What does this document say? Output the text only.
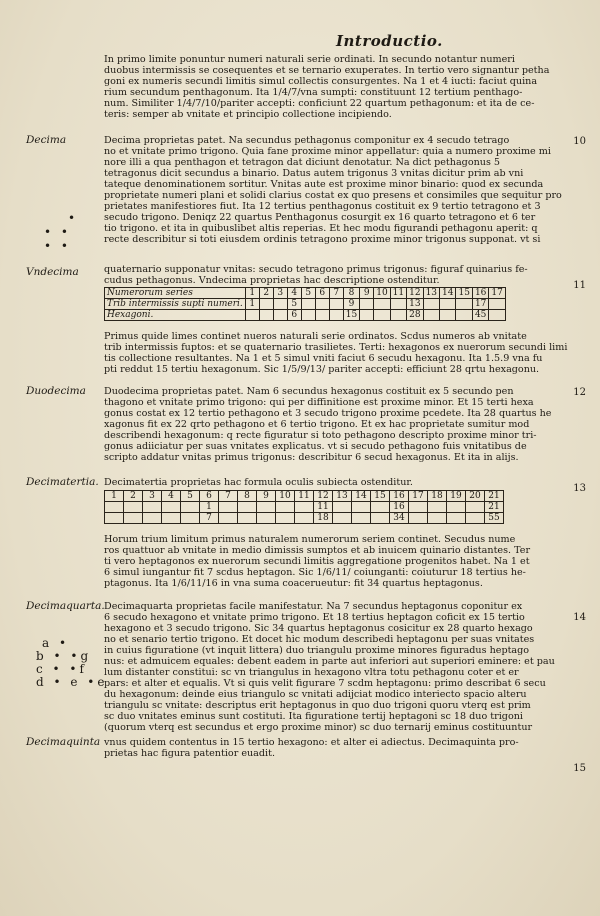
Introductio.

In primo limite ponuntur numeri naturali serie ordinati. In secundo notantur numeri

duobus intermissis se cosequentes et se ternario exuperates. In tertio vero signantur petha

goni ex numeris secundi limitis simul collectis consurgentes. Na 1 et 4 iucti: faciut quina

rium secundum penthagonum. Ita 1/4/7/vna sumpti: constituunt 12 tertium penthago-

num. Similiter 1/4/7/10/pariter accepti: conficiunt 22 quartum pethagonum: et ita de ce-

teris: semper ab vnitate et principio collectione incipiendo.

Decima	10

Decima proprietas patet. Na secundus pethagonus componitur ex 4 secudo tetrago

no et vnitate primo trigono. Quia fane proxime minor appellatur: quia a numero proxime mi

nore illi a qua penthagon et tetragon dat diciunt denotatur. Na dict pethagonus 5

tetragonus dicit secundus a binario. Datus autem trigonus 3 vnitas dicitur prim ab vni

tateque denominationem sortitur. Vnitas aute est proxime minor binario: quod ex secunda

proprietate numeri plani et solidi clarius costat ex quo presens et consimiles que sequitur pro

prietates manifestiores fiut. Ita 12 tertius penthagonus costituit ex 9 tertio tetragono et 3

secudo trigono. Deniqz 22 quartus Penthagonus cosurgit ex 16 quarto tetragono et 6 ter

tio trigono. et ita in quibuslibet altis reperias. Et hec modu figurandi pethagonu aperit: q

recte describitur si toti eiusdem ordinis tetragono proxime minor trigonus supponat. vt si

•
• •
• •
Vndecima
11

quaternario supponatur vnitas: secudo tetragono primus trigonus: figuraf quinarius fe-

cudus pethagonus. Vndecima proprietas hac descriptione ostenditur.

Numerorum series	1	2	3	4	5	6	7	8	9	10	11	12	13	14	15	16	17
Trib intermissis supti numeri.	1			5				9				13				17	
Hexagoni.				6				15				28				45	

Primus quide limes continet nueros naturali serie ordinatos. Scdus numeros ab vnitate

trib intermissis fuptos: et se quaternario trasilietes. Terti: hexagonos ex nuerorum secundi limi

tis collectione resultantes. Na 1 et 5 simul vniti faciut 6 secudu hexagonu. Ita 1.5.9 vna fu

pti reddut 15 tertiu hexagonum. Sic 1/5/9/13/ pariter accepti: efficiunt 28 qrtu hexagonu.

Duodecima	12

Duodecima proprietas patet. Nam 6 secundus hexagonus costituit ex 5 secundo pen

thagono et vnitate primo trigono: qui per diffinitione est proxime minor. Et 15 terti hexa

gonus costat ex 12 tertio pethagono et 3 secudo trigono proxime pcedete. Ita 28 quartus he

xagonus fit ex 22 qrto pethagono et 6 tertio trigono. Et ex hac proprietate sumitur mod

describendi hexagonum: q recte figuratur si toto pethagono descripto proxime minor tri-

gonus adiiciatur per suas vnitates explicatus. vt si secudo pethagono fuis vnitatibus de

scripto addatur vnitas primus trigonus: describitur 6 secud hexagonus. Et ita in alijs.

Decimatertia.
13

Decimatertia proprietas hac formula oculis subiecta ostenditur.

1	2	3	4	5	6	7	8	9	10	11	12	13	14	15	16	17	18	19	20	21
					1						11				16					21
					7						18				34					55

Horum trium limitum primus naturalem numerorum seriem continet. Secudus nume

ros quattuor ab vnitate in medio dimissis sumptos et ab inuicem quinario distantes. Ter

ti vero heptagonos ex nuerorum secundi limitis aggregatione progenitos habet. Na 1 et

6 simul iungantur fit 7 scdus heptagon. Sic 1/6/11/ coiunganti: coiuturur 18 tertius he-

ptagonus. Ita 1/6/11/16 in vna suma coacerueutur: fit 34 quartus heptagonus.

Decimaquarta.
14

Decimaquarta proprietas facile manifestatur. Na 7 secundus heptagonus coponitur ex

6 secudo hexagono et vnitate primo trigono. Et 18 tertius heptagon coficit ex 15 tertio

hexagono et 3 secudo trigono. Sic 34 quartus heptagonus cosicitur ex 28 quarto hexago

no et senario tertio trigono. Et docet hic modum describedi heptagonu per suas vnitates

in cuius figuratione (vt inquit littera) duo triangulu proxime minores figuradus heptago

nus: et admuicem equales: debent eadem in parte aut inferiori aut superiori eminere: et pau

lum distanter constitui: sc vn triangulus in hexagono vltra totu pethagonu coter et er

pars: et alter et equalis. Vt si quis velit figurare 7 scdm heptagonu: primo describat 6 secu

du hexagonum: deinde eius triangulo sc vnitati adijciat modico interiecto spacio alteru

triangulu sc vnitate: descriptus erit heptagonus in quo duo trigoni quoru vterq est prim

sc duo vnitates eminus sunt costituti. Ita figuratione tertij heptagoni sc 18 duo trigoni

(quorum vterq est secundus et ergo proxime minor) sc duo ternarij eminus costituuntur

a •
b • •g
c • •f
d • e •e
Decimaquinta
15

vnus quidem contentus in 15 tertio hexagono: et alter ei adiectus. Decimaquinta pro-

prietas hac figura patentior euadit.
